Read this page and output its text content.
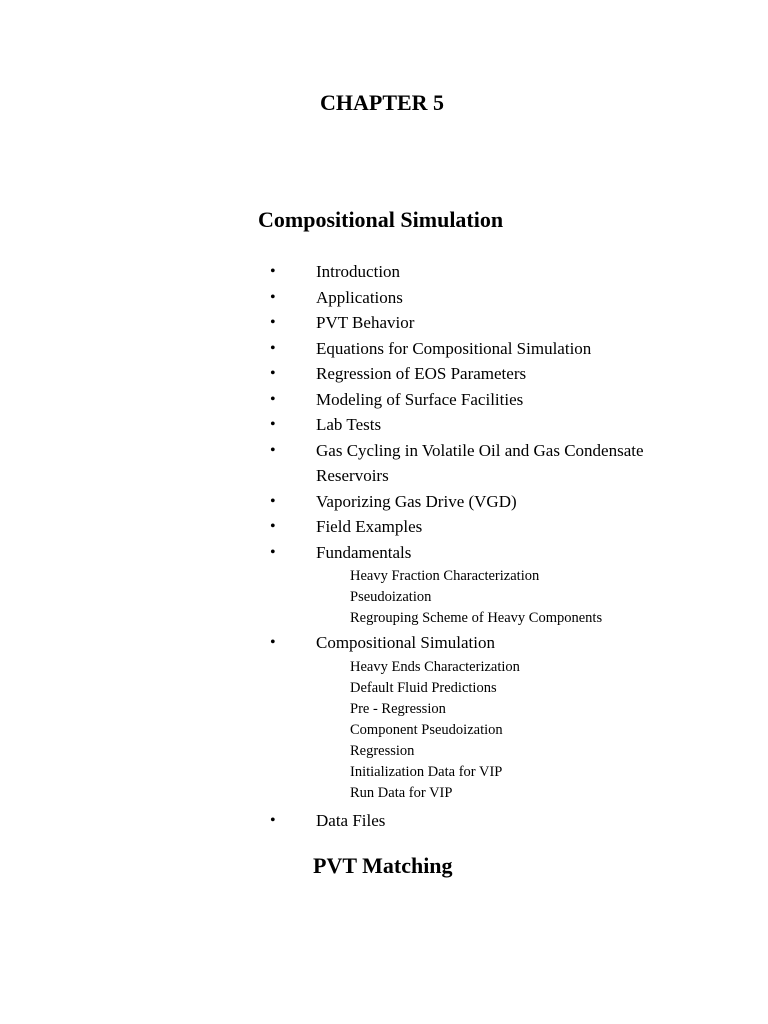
CHAPTER 5
Compositional Simulation
• Introduction
• Applications
• PVT Behavior
• Equations for Compositional Simulation
• Regression of EOS Parameters
• Modeling of Surface Facilities
• Lab Tests
• Gas Cycling in Volatile Oil and Gas Condensate Reservoirs
• Vaporizing Gas Drive (VGD)
• Field Examples
• Fundamentals
Heavy Fraction Characterization
Pseudoization
Regrouping Scheme of Heavy Components
• Compositional Simulation
Heavy Ends Characterization
Default Fluid Predictions
Pre - Regression
Component Pseudoization
Regression
Initialization Data for VIP
Run Data for VIP
• Data Files
PVT Matching
